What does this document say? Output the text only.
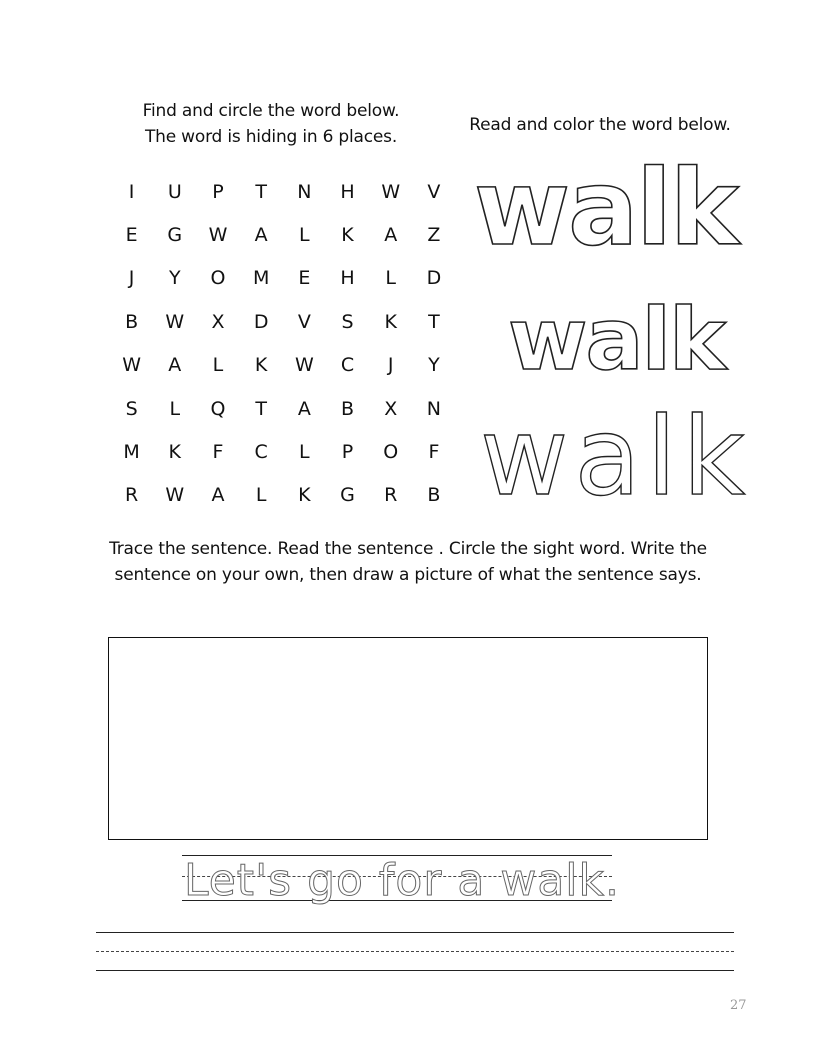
Find and circle the word below.
The word is hiding in 6 places.
Read and color the word below.
I	U	P	T	N	H	W	V
E	G	W	A	L	K	A	Z
J	Y	O	M	E	H	L	D
B	W	X	D	V	S	K	T
W	A	L	K	W	C	J	Y
S	L	Q	T	A	B	X	N
M	K	F	C	L	P	O	F
R	W	A	L	K	G	R	B
walk
walk
walk
Trace the sentence. Read the sentence . Circle the sight word. Write the
sentence on your own, then draw a picture of what the sentence says.
Let's go for a walk.
27
